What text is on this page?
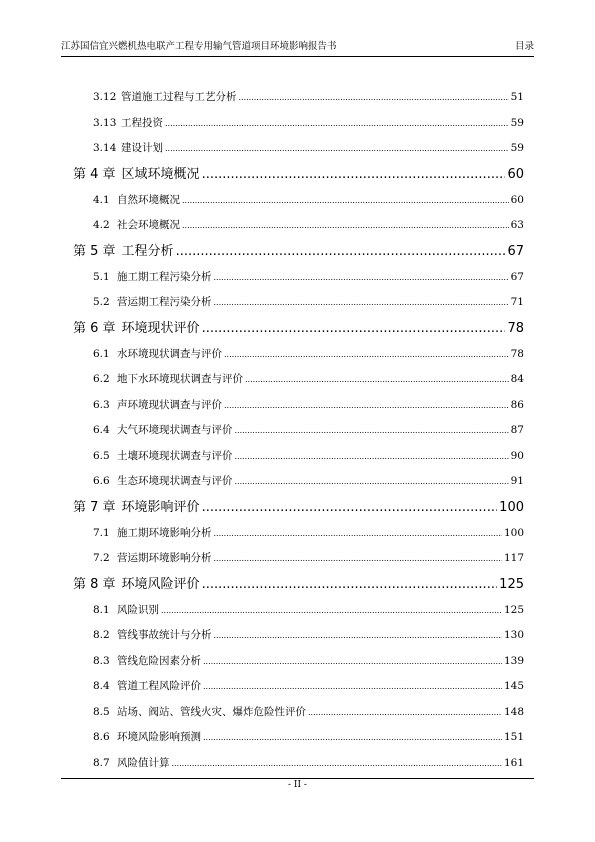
江苏国信宜兴燃机热电联产工程专用输气管道项目环境影响报告书	目录
3.12 管道施工过程与工艺分析 .....	51
3.13 工程投资 .....	59
3.14 建设计划 .....	59
第 4 章 区域环境概况 .....	60
4.1 自然环境概况 .....	60
4.2 社会环境概况 .....	63
第 5 章 工程分析 .....	67
5.1 施工期工程污染分析 .....	67
5.2 营运期工程污染分析 .....	71
第 6 章 环境现状评价 .....	78
6.1 水环境现状调查与评价 .....	78
6.2 地下水环境现状调查与评价 .....	84
6.3 声环境现状调查与评价 .....	86
6.4 大气环境现状调查与评价 .....	87
6.5 土壤环境现状调查与评价 .....	90
6.6 生态环境现状调查与评价 .....	91
第 7 章 环境影响评价 .....	100
7.1 施工期环境影响分析 .....	100
7.2 营运期环境影响分析 .....	117
第 8 章 环境风险评价 .....	125
8.1 风险识别 .....	125
8.2 管线事故统计与分析 .....	130
8.3 管线危险因素分析 .....	139
8.4 管道工程风险评价 .....	145
8.5 站场、阀站、管线火灾、爆炸危险性评价 .....	148
8.6 环境风险影响预测 .....	151
8.7 风险值计算 .....	161
- II -
